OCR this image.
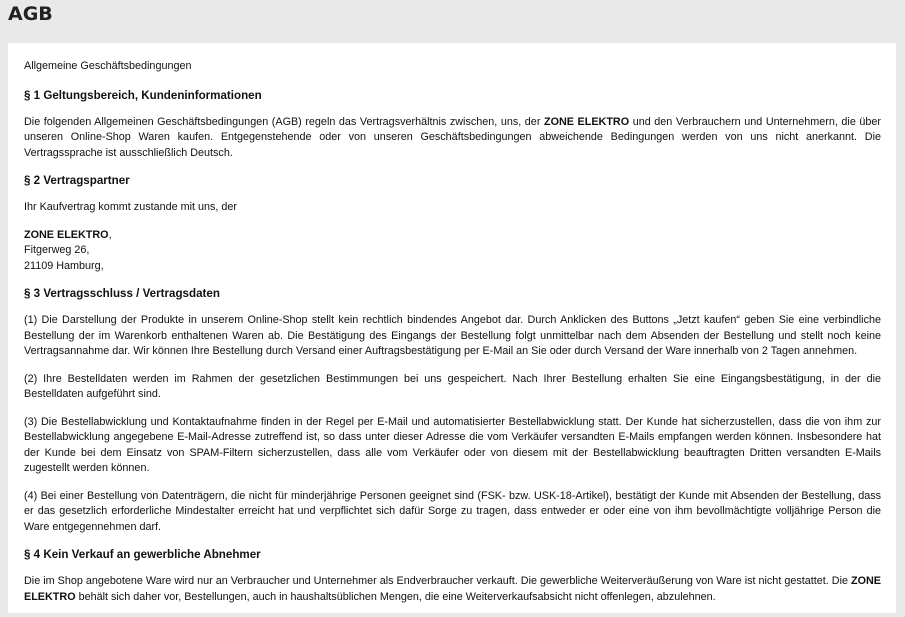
AGB

Allgemeine Geschäftsbedingungen

§ 1 Geltungsbereich, Kundeninformationen

Die folgenden Allgemeinen Geschäftsbedingungen (AGB) regeln das Vertragsverhältnis zwischen, uns, der ZONE ELEKTRO und den Verbrauchern und Unternehmern, die über unseren Online-Shop Waren kaufen. Entgegenstehende oder von unseren Geschäftsbedingungen abweichende Bedingungen werden von uns nicht anerkannt. Die Vertragssprache ist ausschließlich Deutsch.

§ 2 Vertragspartner

Ihr Kaufvertrag kommt zustande mit uns, der

ZONE ELEKTRO,
Fitgerweg 26,
21109 Hamburg,

§ 3 Vertragsschluss / Vertragsdaten

(1) Die Darstellung der Produkte in unserem Online-Shop stellt kein rechtlich bindendes Angebot dar. Durch Anklicken des Buttons „Jetzt kaufen“ geben Sie eine verbindliche Bestellung der im Warenkorb enthaltenen Waren ab. Die Bestätigung des Eingangs der Bestellung folgt unmittelbar nach dem Absenden der Bestellung und stellt noch keine Vertragsannahme dar. Wir können Ihre Bestellung durch Versand einer Auftragsbestätigung per E-Mail an Sie oder durch Versand der Ware innerhalb von 2 Tagen annehmen.

(2) Ihre Bestelldaten werden im Rahmen der gesetzlichen Bestimmungen bei uns gespeichert. Nach Ihrer Bestellung erhalten Sie eine Eingangsbestätigung, in der die Bestelldaten aufgeführt sind.

(3) Die Bestellabwicklung und Kontaktaufnahme finden in der Regel per E-Mail und automatisierter Bestellabwicklung statt. Der Kunde hat sicherzustellen, dass die von ihm zur Bestellabwicklung angegebene E-Mail-Adresse zutreffend ist, so dass unter dieser Adresse die vom Verkäufer versandten E-Mails empfangen werden können. Insbesondere hat der Kunde bei dem Einsatz von SPAM-Filtern sicherzustellen, dass alle vom Verkäufer oder von diesem mit der Bestellabwicklung beauftragten Dritten versandten E-Mails zugestellt werden können.

(4) Bei einer Bestellung von Datenträgern, die nicht für minderjährige Personen geeignet sind (FSK- bzw. USK-18-Artikel), bestätigt der Kunde mit Absenden der Bestellung, dass er das gesetzlich erforderliche Mindestalter erreicht hat und verpflichtet sich dafür Sorge zu tragen, dass entweder er oder eine von ihm bevollmächtigte volljährige Person die Ware entgegennehmen darf.

§ 4 Kein Verkauf an gewerbliche Abnehmer

Die im Shop angebotene Ware wird nur an Verbraucher und Unternehmer als Endverbraucher verkauft. Die gewerbliche Weiterveräußerung von Ware ist nicht gestattet. Die ZONE ELEKTRO behält sich daher vor, Bestellungen, auch in haushaltsüblichen Mengen, die eine Weiterverkaufsabsicht nicht offenlegen, abzulehnen.
